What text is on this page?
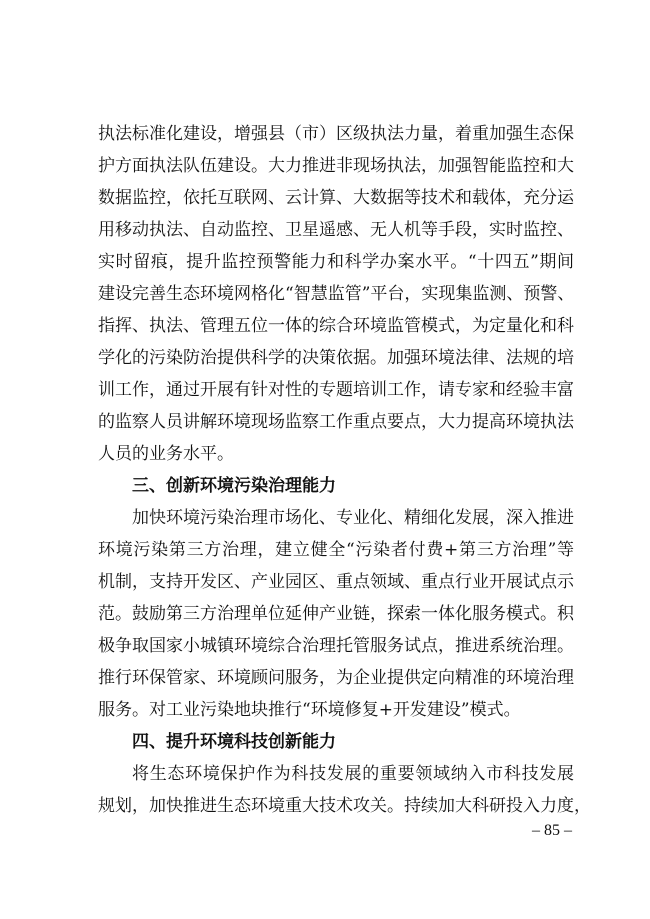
执法标准化建设，增强县（市）区级执法力量，着重加强生态保
护方面执法队伍建设。大力推进非现场执法，加强智能监控和大
数据监控，依托互联网、云计算、大数据等技术和载体，充分运
用移动执法、自动监控、卫星遥感、无人机等手段，实时监控、
实时留痕，提升监控预警能力和科学办案水平。“十四五”期间
建设完善生态环境网格化“智慧监管”平台，实现集监测、预警、
指挥、执法、管理五位一体的综合环境监管模式，为定量化和科
学化的污染防治提供科学的决策依据。加强环境法律、法规的培
训工作，通过开展有针对性的专题培训工作，请专家和经验丰富
的监察人员讲解环境现场监察工作重点要点，大力提高环境执法
人员的业务水平。
三、创新环境污染治理能力
加快环境污染治理市场化、专业化、精细化发展，深入推进
环境污染第三方治理，建立健全“污染者付费+第三方治理”等
机制，支持开发区、产业园区、重点领域、重点行业开展试点示
范。鼓励第三方治理单位延伸产业链，探索一体化服务模式。积
极争取国家小城镇环境综合治理托管服务试点，推进系统治理。
推行环保管家、环境顾问服务，为企业提供定向精准的环境治理
服务。对工业污染地块推行“环境修复+开发建设”模式。
四、提升环境科技创新能力
将生态环境保护作为科技发展的重要领域纳入市科技发展
规划，加快推进生态环境重大技术攻关。持续加大科研投入力度，
– 85 –
